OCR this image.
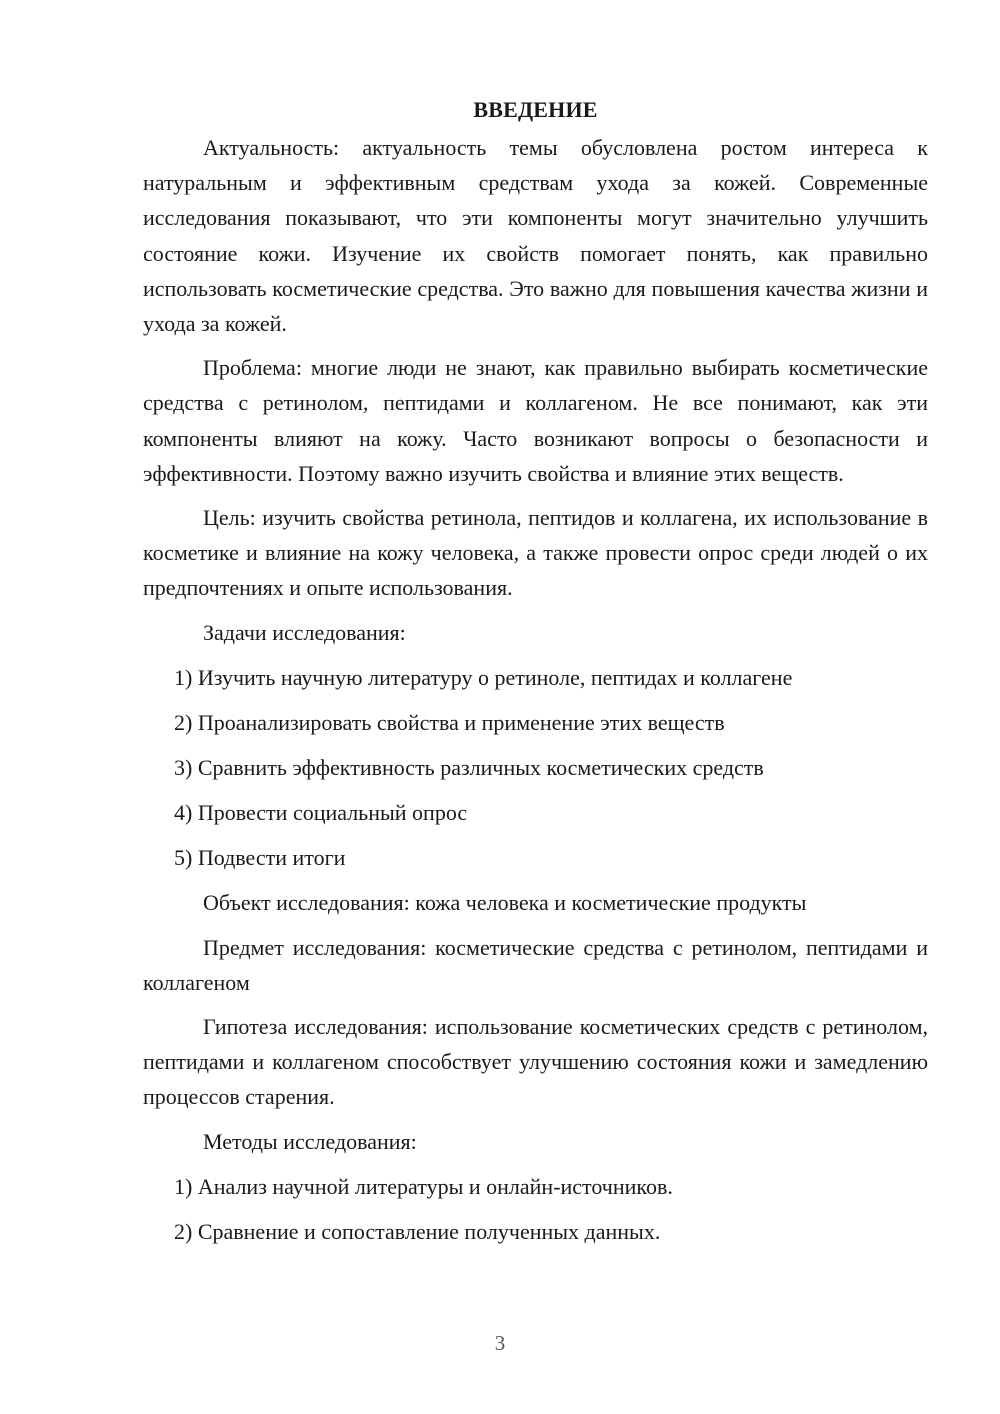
ВВЕДЕНИЕ

Актуальность: актуальность темы обусловлена ростом интереса к натуральным и эффективным средствам ухода за кожей. Современные исследования показывают, что эти компоненты могут значительно улучшить состояние кожи. Изучение их свойств помогает понять, как правильно использовать косметические средства. Это важно для повышения качества жизни и ухода за кожей.

Проблема: многие люди не знают, как правильно выбирать косметические средства с ретинолом, пептидами и коллагеном. Не все понимают, как эти компоненты влияют на кожу. Часто возникают вопросы о безопасности и эффективности. Поэтому важно изучить свойства и влияние этих веществ.

Цель: изучить свойства ретинола, пептидов и коллагена, их использование в косметике и влияние на кожу человека, а также провести опрос среди людей о их предпочтениях и опыте использования.

Задачи исследования:
1) Изучить научную литературу о ретиноле, пептидах и коллагене
2) Проанализировать свойства и применение этих веществ
3) Сравнить эффективность различных косметических средств
4) Провести социальный опрос
5) Подвести итоги
Объект исследования: кожа человека и косметические продукты

Предмет исследования: косметические средства с ретинолом, пептидами и коллагеном

Гипотеза исследования: использование косметических средств с ретинолом, пептидами и коллагеном способствует улучшению состояния кожи и замедлению процессов старения.

Методы исследования:
1) Анализ научной литературы и онлайн-источников.
2) Сравнение и сопоставление полученных данных.
3
